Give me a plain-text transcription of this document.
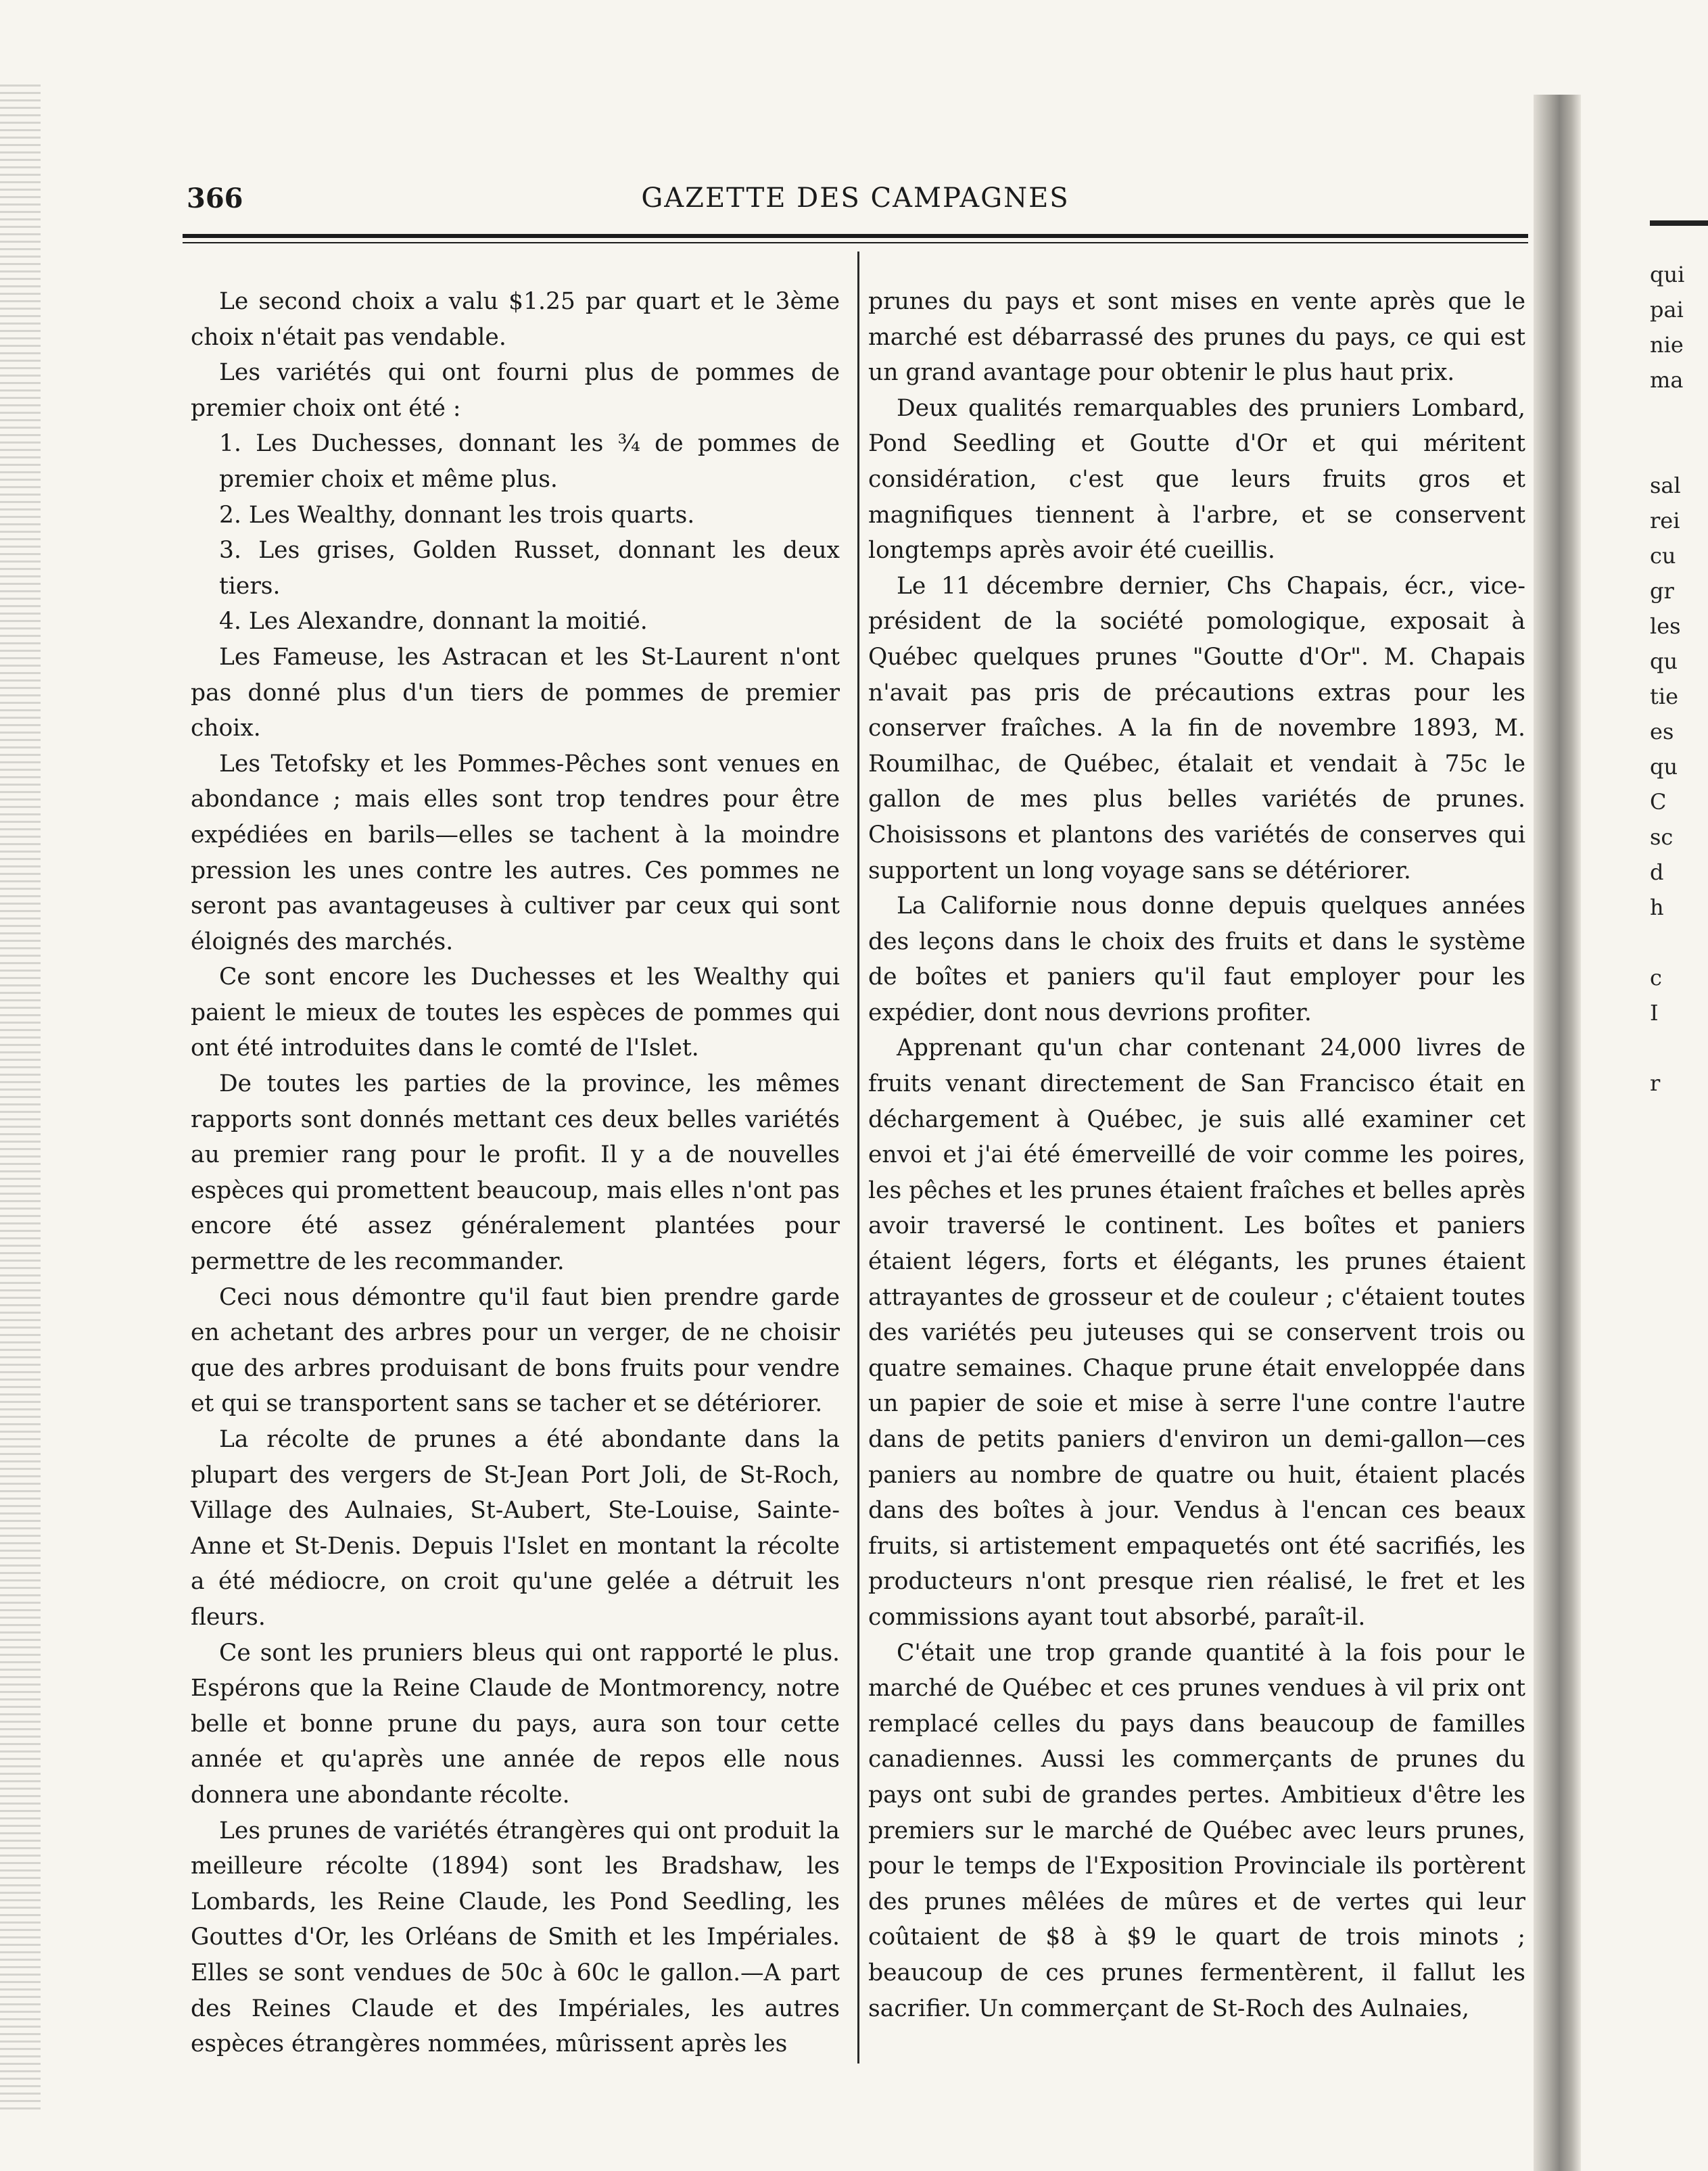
366	GAZETTE DES CAMPAGNES

Le second choix a valu $1.25 par quart et le 3ème choix n'était pas vendable.

Les variétés qui ont fourni plus de pommes de premier choix ont été :

1. Les Duchesses, donnant les ¾ de pommes de premier choix et même plus.

2. Les Wealthy, donnant les trois quarts.

3. Les grises, Golden Russet, donnant les deux tiers.

4. Les Alexandre, donnant la moitié.

Les Fameuse, les Astracan et les St-Laurent n'ont pas donné plus d'un tiers de pommes de premier choix.

Les Tetofsky et les Pommes-Pêches sont venues en abondance ; mais elles sont trop tendres pour être expédiées en barils—elles se tachent à la moindre pression les unes contre les autres. Ces pommes ne seront pas avantageuses à cultiver par ceux qui sont éloignés des marchés.

Ce sont encore les Duchesses et les Wealthy qui paient le mieux de toutes les espèces de pommes qui ont été introduites dans le comté de l'Islet.

De toutes les parties de la province, les mêmes rapports sont donnés mettant ces deux belles variétés au premier rang pour le profit. Il y a de nouvelles espèces qui promettent beaucoup, mais elles n'ont pas encore été assez généralement plantées pour permettre de les recommander.

Ceci nous démontre qu'il faut bien prendre garde en achetant des arbres pour un verger, de ne choisir que des arbres produisant de bons fruits pour vendre et qui se transportent sans se tacher et se détériorer.

La récolte de prunes a été abondante dans la plupart des vergers de St-Jean Port Joli, de St-Roch, Village des Aulnaies, St-Aubert, Ste-Louise, Sainte-Anne et St-Denis. Depuis l'Islet en montant la récolte a été médiocre, on croit qu'une gelée a détruit les fleurs.

Ce sont les pruniers bleus qui ont rapporté le plus. Espérons que la Reine Claude de Montmorency, notre belle et bonne prune du pays, aura son tour cette année et qu'après une année de repos elle nous donnera une abondante récolte.

Les prunes de variétés étrangères qui ont produit la meilleure récolte (1894) sont les Bradshaw, les Lombards, les Reine Claude, les Pond Seedling, les Gouttes d'Or, les Orléans de Smith et les Impériales. Elles se sont vendues de 50c à 60c le gallon.—A part des Reines Claude et des Impériales, les autres espèces étrangères nommées, mûrissent après les

prunes du pays et sont mises en vente après que le marché est débarrassé des prunes du pays, ce qui est un grand avantage pour obtenir le plus haut prix.

Deux qualités remarquables des pruniers Lombard, Pond Seedling et Goutte d'Or et qui méritent considération, c'est que leurs fruits gros et magnifiques tiennent à l'arbre, et se conservent longtemps après avoir été cueillis.

Le 11 décembre dernier, Chs Chapais, écr., vice-président de la société pomologique, exposait à Québec quelques prunes "Goutte d'Or". M. Chapais n'avait pas pris de précautions extras pour les conserver fraîches. A la fin de novembre 1893, M. Roumilhac, de Québec, étalait et vendait à 75c le gallon de mes plus belles variétés de prunes. Choisissons et plantons des variétés de conserves qui supportent un long voyage sans se détériorer.

La Californie nous donne depuis quelques années des leçons dans le choix des fruits et dans le système de boîtes et paniers qu'il faut employer pour les expédier, dont nous devrions profiter.

Apprenant qu'un char contenant 24,000 livres de fruits venant directement de San Francisco était en déchargement à Québec, je suis allé examiner cet envoi et j'ai été émerveillé de voir comme les poires, les pêches et les prunes étaient fraîches et belles après avoir traversé le continent. Les boîtes et paniers étaient légers, forts et élégants, les prunes étaient attrayantes de grosseur et de couleur ; c'étaient toutes des variétés peu juteuses qui se conservent trois ou quatre semaines. Chaque prune était enveloppée dans un papier de soie et mise à serre l'une contre l'autre dans de petits paniers d'environ un demi-gallon—ces paniers au nombre de quatre ou huit, étaient placés dans des boîtes à jour. Vendus à l'encan ces beaux fruits, si artistement empaquetés ont été sacrifiés, les producteurs n'ont presque rien réalisé, le fret et les commissions ayant tout absorbé, paraît-il.

C'était une trop grande quantité à la fois pour le marché de Québec et ces prunes vendues à vil prix ont remplacé celles du pays dans beaucoup de familles canadiennes. Aussi les commerçants de prunes du pays ont subi de grandes pertes. Ambitieux d'être les premiers sur le marché de Québec avec leurs prunes, pour le temps de l'Exposition Provinciale ils portèrent des prunes mêlées de mûres et de vertes qui leur coûtaient de $8 à $9 le quart de trois minots ; beaucoup de ces prunes fermentèrent, il fallut les sacrifier. Un commerçant de St-Roch des Aulnaies,

qui
pai
nie
ma
sal
rei
cu
gr
les
qu
tie
es
qu
C
sc
d
h
c
I
r
